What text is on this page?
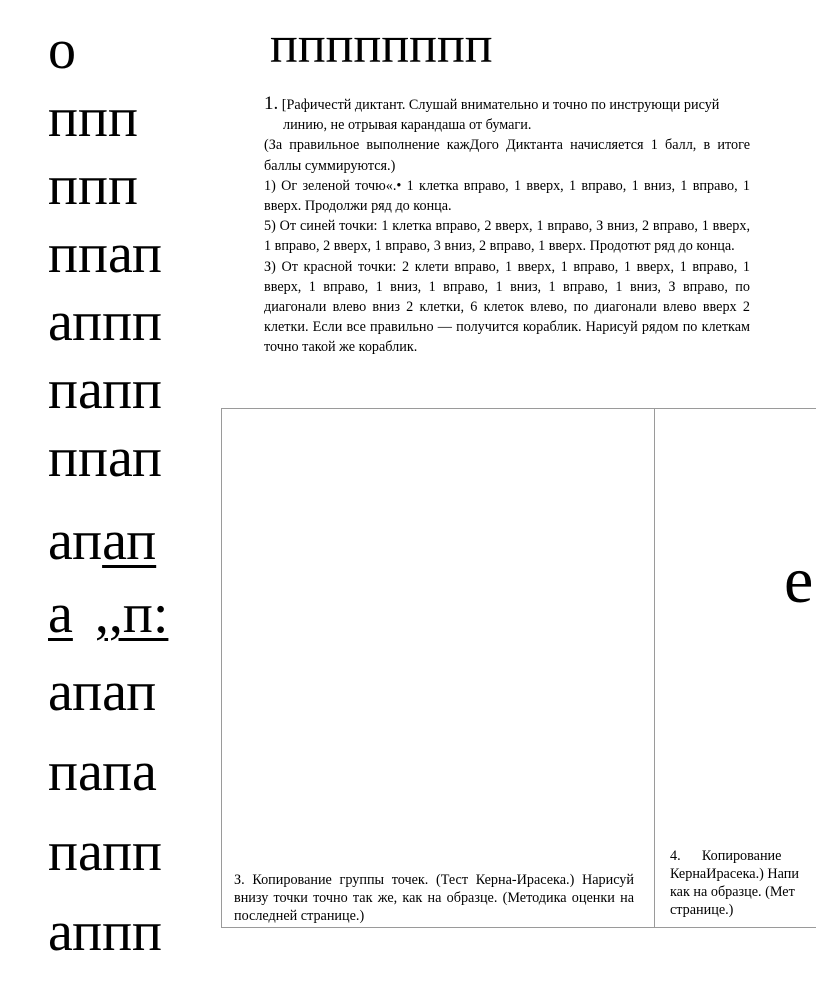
о
ппп
ппп
ппап
аппп
папп
ппап
апап
а ,,п:
апап
папа
папп
аппп
пппппппп

1. [Рафичестй диктант. Слушай внимательно и точно по инструющи рисуй линию, не отрывая карандаша от бумаги.

(За правильное выполнение кажДого Диктанта начисляется 1 балл, в итоге баллы суммируются.)

1) Ог зеленой точю«.• 1 клетка вправо, 1 вверх, 1 вправо, 1 вниз, 1 вправо, 1 вверх. Продолжи ряд до конца.

5) От синей точки: 1 клетка вправо, 2 вверх, 1 вправо, З вниз, 2 вправо, 1 вверх, 1 вправо, 2 вверх, 1 вправо, 3 вниз, 2 вправо, 1 вверх. Продотют ряд до конца.

З) От красной точки: 2 клети вправо, 1 вверх, 1 вправо, 1 вверх, 1 вправо, 1 вверх, 1 вправо, 1 вниз, 1 вправо, 1 вниз, 1 вправо, 1 вниз, З вправо, по диагонали влево вниз 2 клетки, 6 клеток влево, по диагонали влево вверх 2 клетки. Если все правильно — получится кораблик. Нарисуй рядом по клеткам точно такой же кораблик.

З. Копирование группы точек. (Тест Керна-Ирасека.) Нарисуй внизу точки точно так же, как на образце. (Методика оценки на последней странице.)
4.      Копирование
КернаИрасека.) Напи
как на образце. (Мет
странице.)
е
